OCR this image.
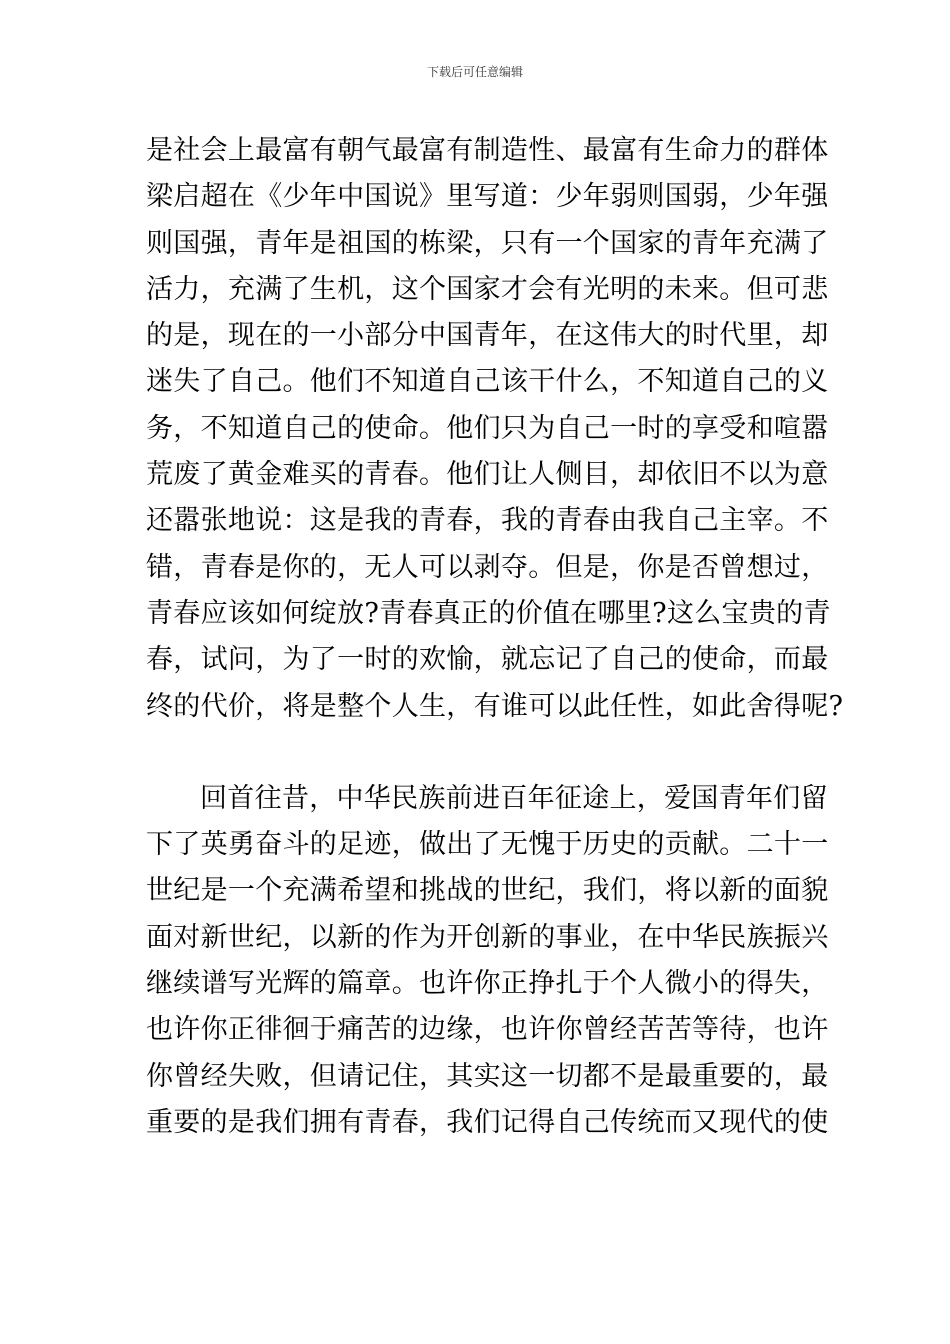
下载后可任意编辑
是社会上最富有朝气最富有制造性、最富有生命力的群体
梁启超在《少年中国说》里写道：少年弱则国弱，少年强
则国强，青年是祖国的栋梁，只有一个国家的青年充满了
活力，充满了生机，这个国家才会有光明的未来。但可悲
的是，现在的一小部分中国青年，在这伟大的时代里，却
迷失了自己。他们不知道自己该干什么，不知道自己的义
务，不知道自己的使命。他们只为自己一时的享受和喧嚣
荒废了黄金难买的青春。他们让人侧目，却依旧不以为意
还嚣张地说：这是我的青春，我的青春由我自己主宰。不
错，青春是你的，无人可以剥夺。但是，你是否曾想过，
青春应该如何绽放?青春真正的价值在哪里?这么宝贵的青
春，试问，为了一时的欢愉，就忘记了自己的使命，而最
终的代价，将是整个人生，有谁可以此任性，如此舍得呢?
回首往昔，中华民族前进百年征途上，爱国青年们留
下了英勇奋斗的足迹，做出了无愧于历史的贡献。二十一
世纪是一个充满希望和挑战的世纪，我们，将以新的面貌
面对新世纪，以新的作为开创新的事业，在中华民族振兴
继续谱写光辉的篇章。也许你正挣扎于个人微小的得失，
也许你正徘徊于痛苦的边缘，也许你曾经苦苦等待，也许
你曾经失败，但请记住，其实这一切都不是最重要的，最
重要的是我们拥有青春，我们记得自己传统而又现代的使
